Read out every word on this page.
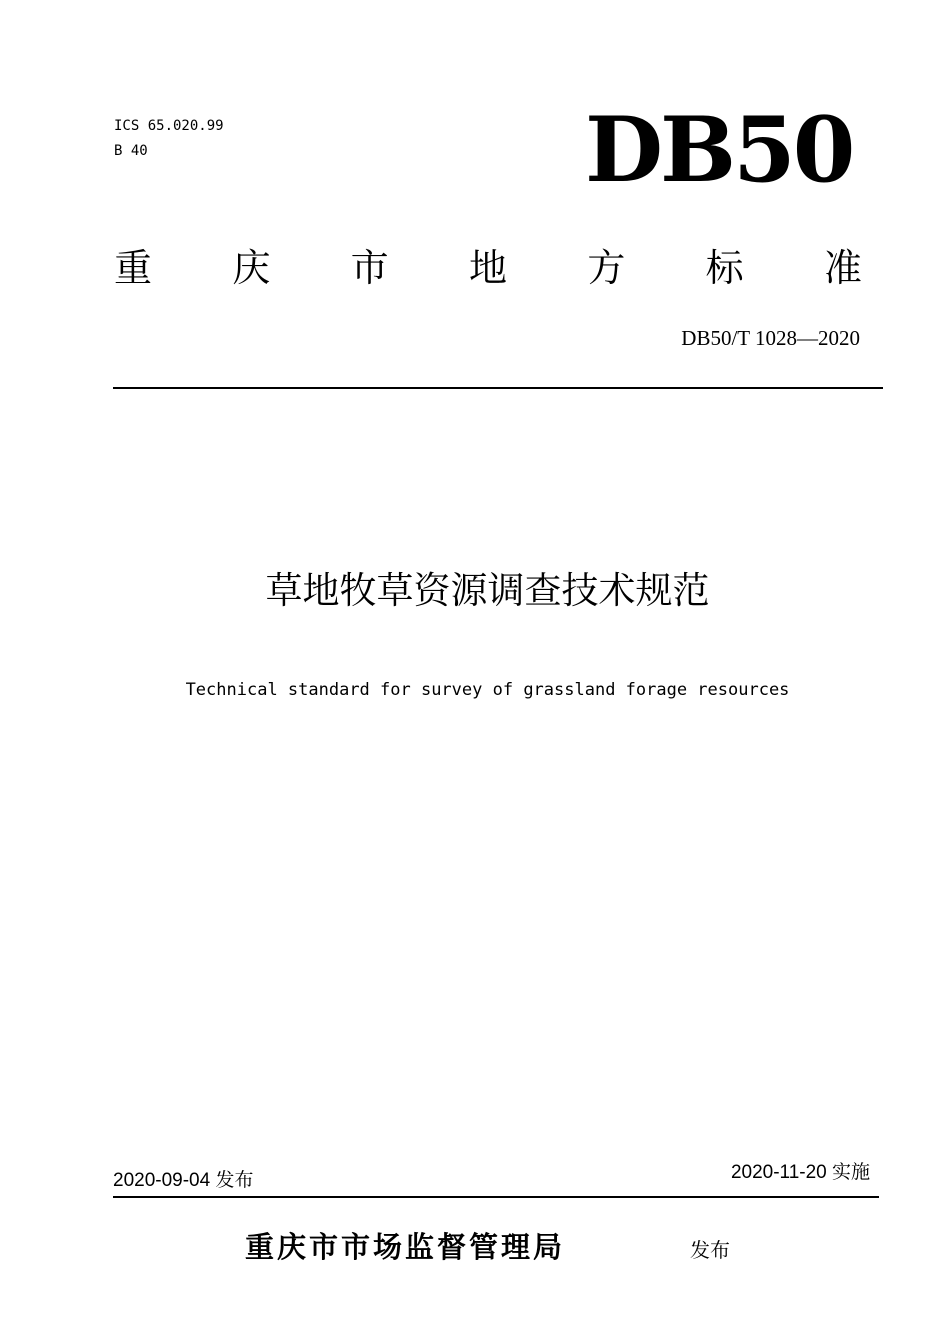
ICS 65.020.99
B 40	DB50
重 庆 市 地 方 标 准
DB50/T 1028—2020
草地牧草资源调查技术规范
Technical standard for survey of grassland forage resources
2020-09-04 发布	2020-11-20 实施
重庆市市场监督管理局	发布
